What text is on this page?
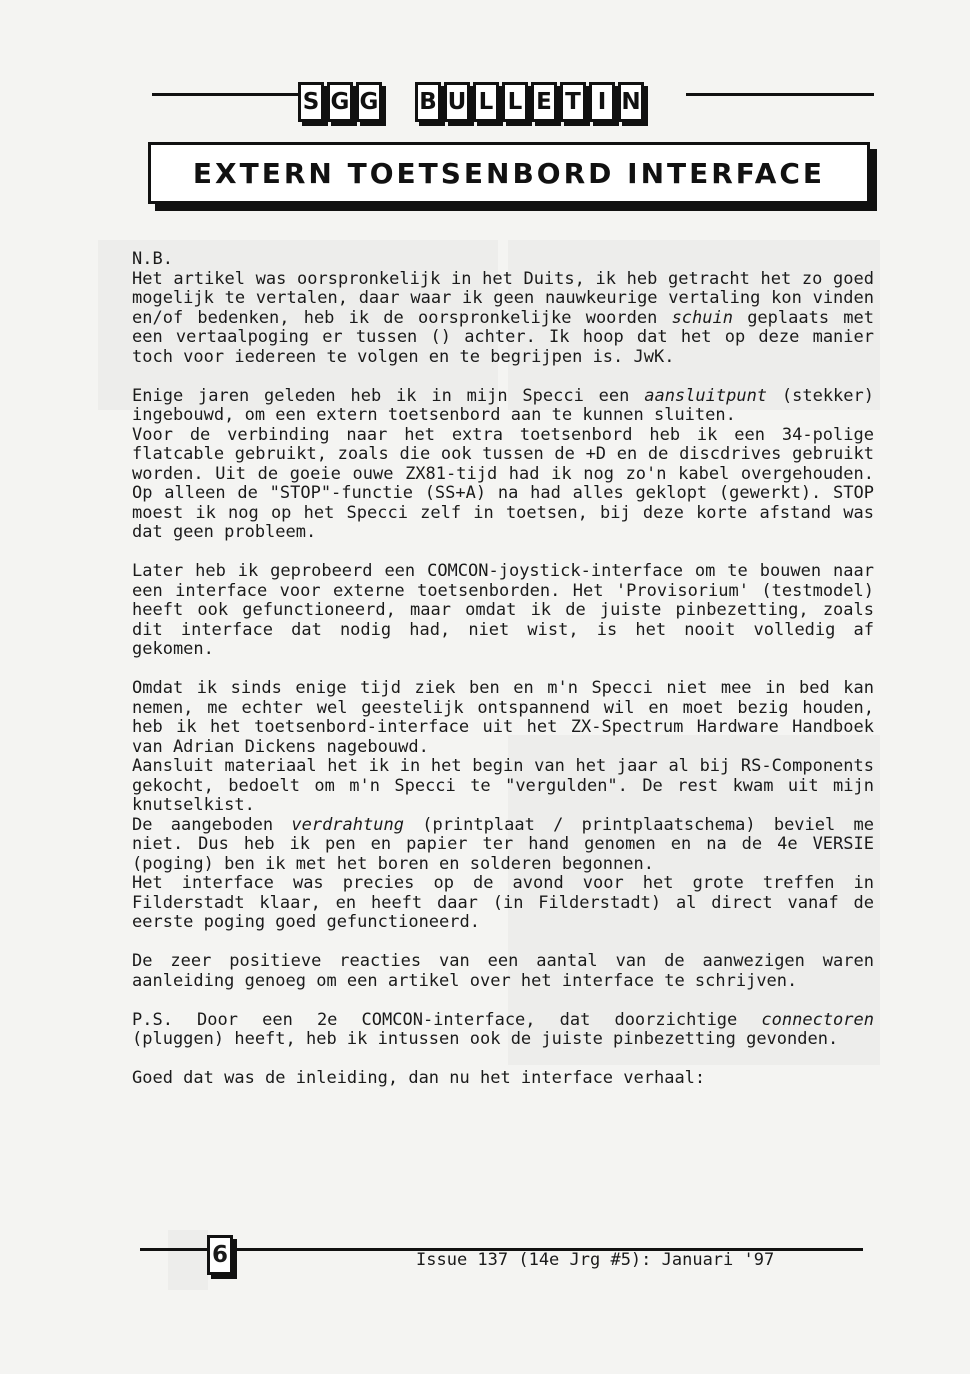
S G G B U L L E T I N
EXTERN TOETSENBORD INTERFACE

N.B.

Het artikel was oorspronkelijk in het Duits, ik heb getracht het zo goed mogelijk te vertalen, daar waar ik geen nauwkeurige vertaling kon vinden en/of bedenken, heb ik de oorspronkelijke woorden schuin geplaats met een vertaalpoging er tussen () achter. Ik hoop dat het op deze manier toch voor iedereen te volgen en te begrijpen is. JwK.

Enige jaren geleden heb ik in mijn Specci een aansluitpunt (stekker) ingebouwd, om een extern toetsenbord aan te kunnen sluiten.

Voor de verbinding naar het extra toetsenbord heb ik een 34-polige flatcable gebruikt, zoals die ook tussen de +D en de discdrives gebruikt worden. Uit de goeie ouwe ZX81-tijd had ik nog zo'n kabel overgehouden. Op alleen de "STOP"-functie (SS+A) na had alles geklopt (gewerkt). STOP moest ik nog op het Specci zelf in toetsen, bij deze korte afstand was dat geen probleem.

Later heb ik geprobeerd een COMCON-joystick-interface om te bouwen naar een interface voor externe toetsenborden. Het 'Provisorium' (testmodel) heeft ook gefunctioneerd, maar omdat ik de juiste pinbezetting, zoals dit interface dat nodig had, niet wist, is het nooit volledig af gekomen.

Omdat ik sinds enige tijd ziek ben en m'n Specci niet mee in bed kan nemen, me echter wel geestelijk ontspannend wil en moet bezig houden, heb ik het toetsenbord-interface uit het ZX-Spectrum Hardware Handboek van Adrian Dickens nagebouwd.

Aansluit materiaal het ik in het begin van het jaar al bij RS-Components gekocht, bedoelt om m'n Specci te "vergulden". De rest kwam uit mijn knutselkist.

De aangeboden verdrahtung (printplaat / printplaatschema) beviel me niet. Dus heb ik pen en papier ter hand genomen en na de 4e VERSIE (poging) ben ik met het boren en solderen begonnen.

Het interface was precies op de avond voor het grote treffen in Filderstadt klaar, en heeft daar (in Filderstadt) al direct vanaf de eerste poging goed gefunctioneerd.

De zeer positieve reacties van een aantal van de aanwezigen waren aanleiding genoeg om een artikel over het interface te schrijven.

P.S. Door een 2e COMCON-interface, dat doorzichtige connectoren (pluggen) heeft, heb ik intussen ook de juiste pinbezetting gevonden.

Goed dat was de inleiding, dan nu het interface verhaal:

6	Issue 137 (14e Jrg #5): Januari '97
